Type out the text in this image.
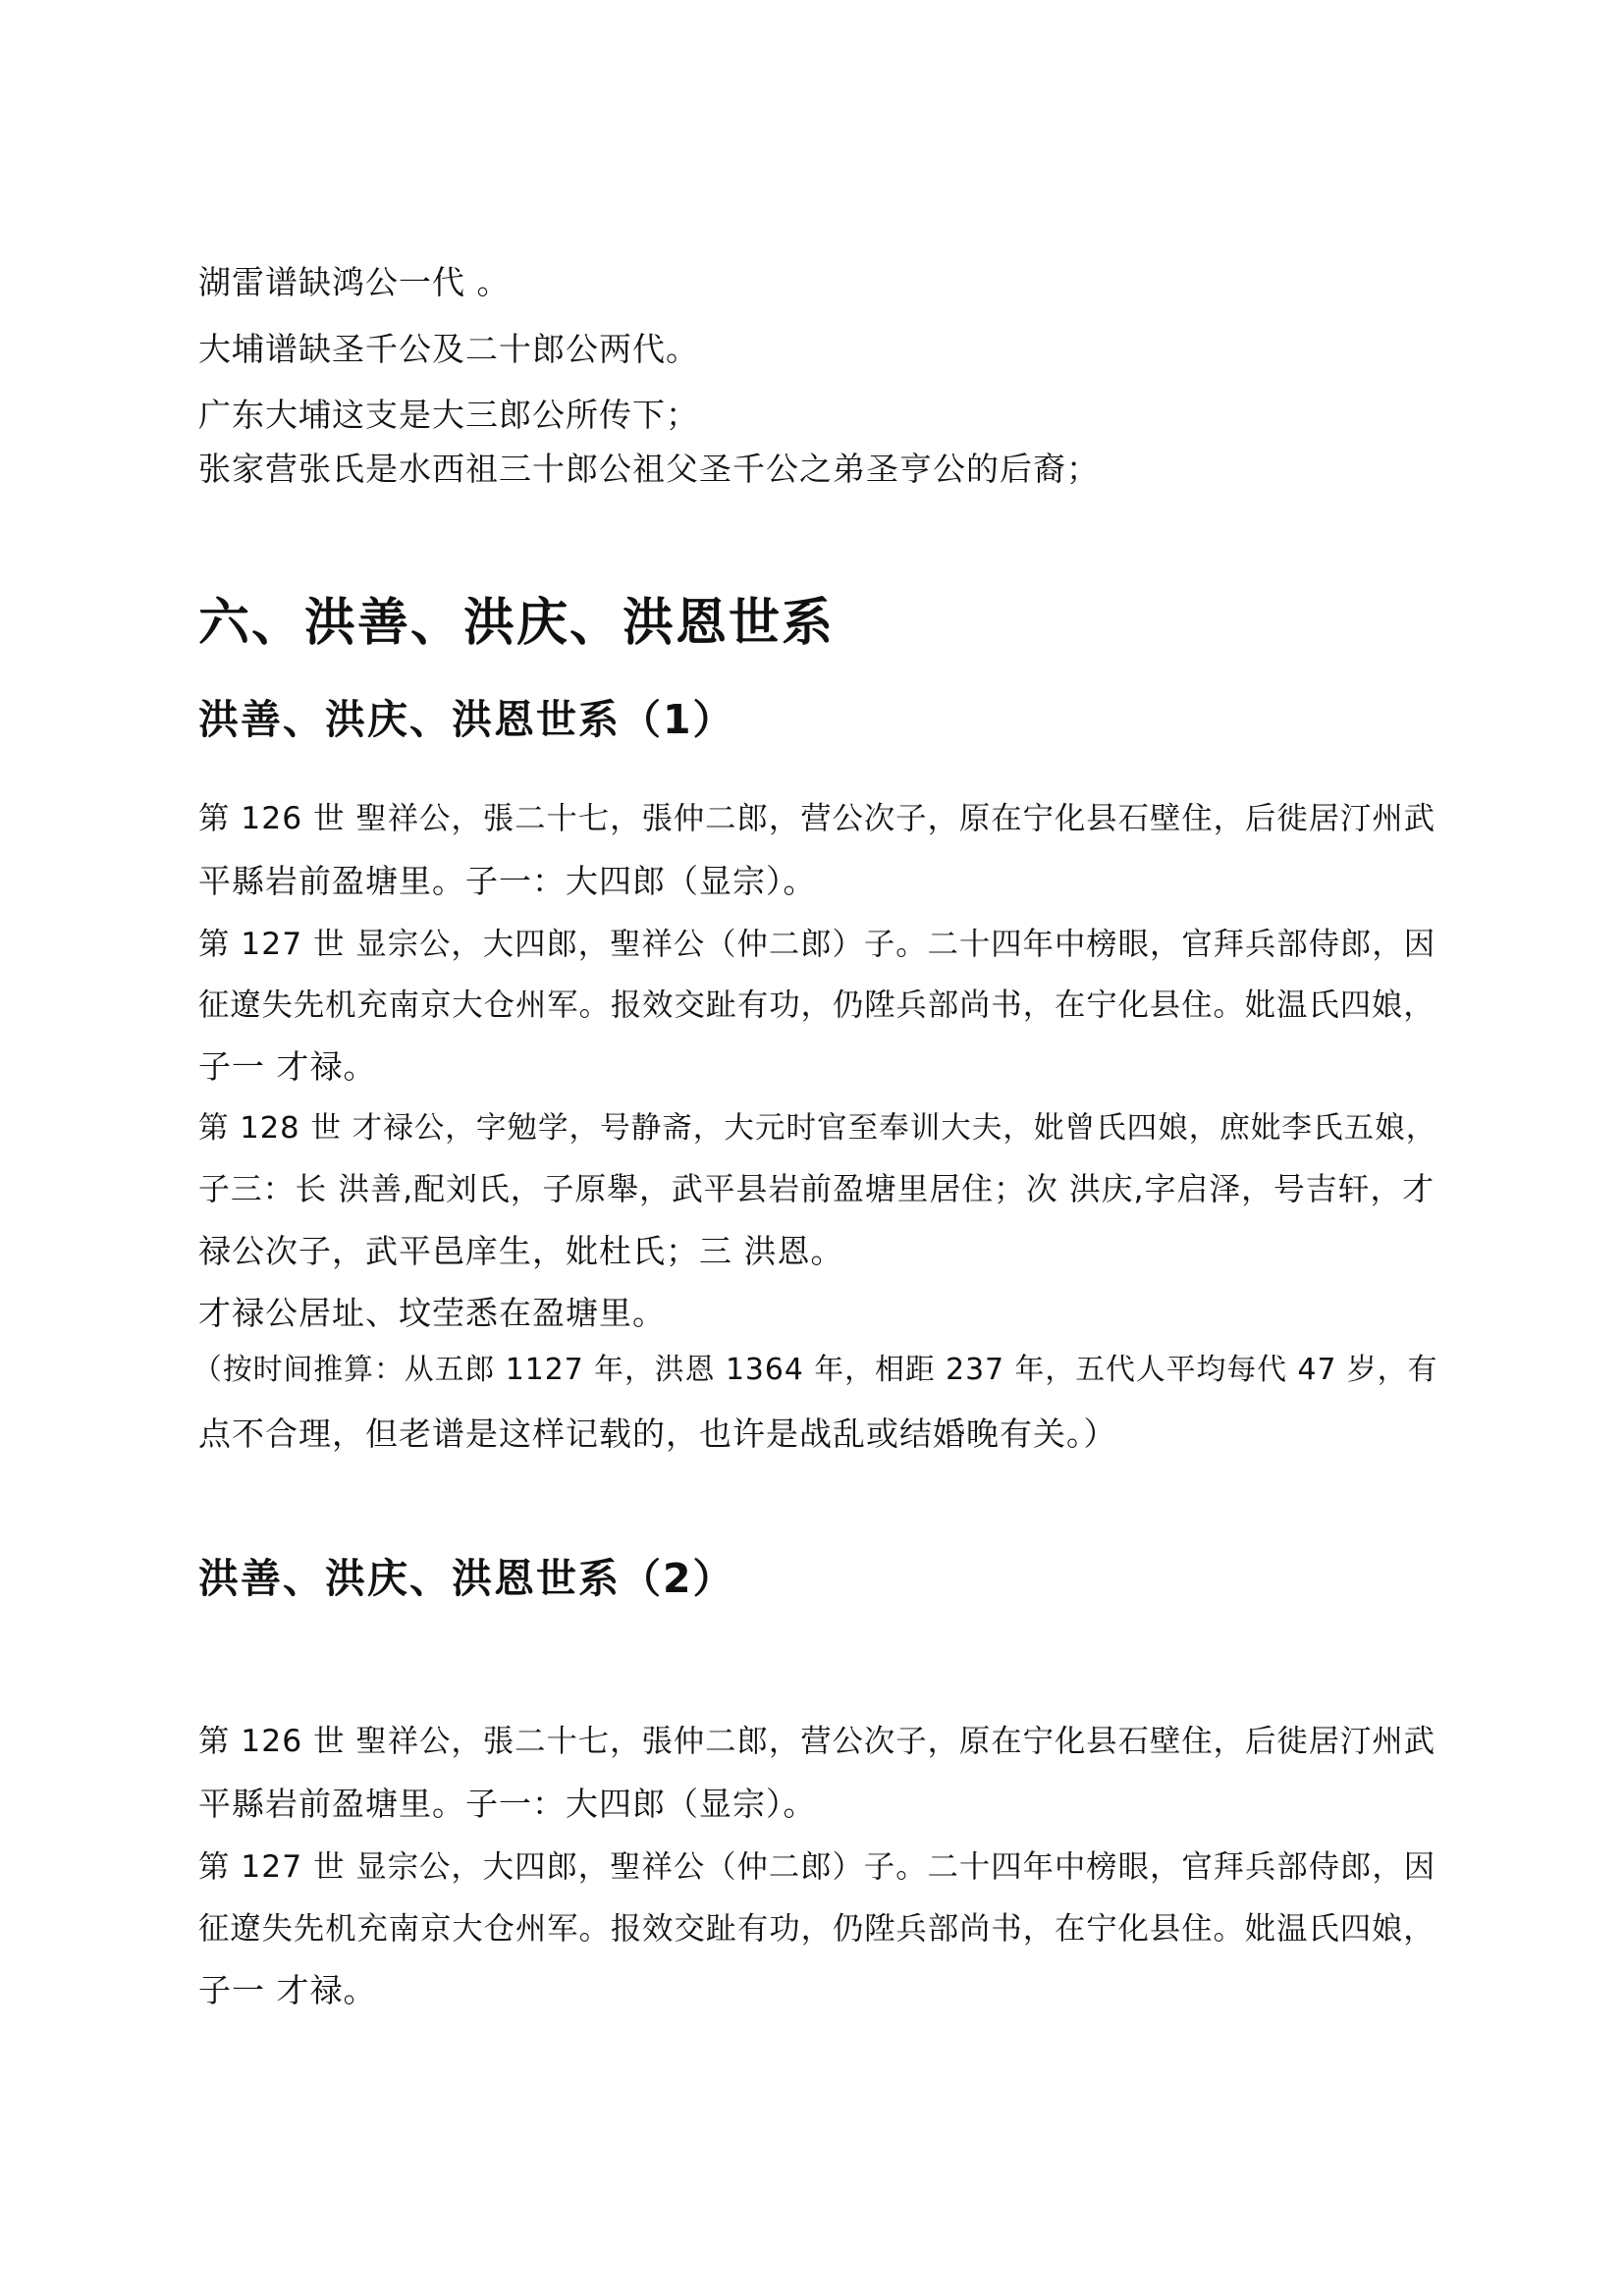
湖雷谱缺鸿公一代 。
大埔谱缺圣千公及二十郎公两代。
广东大埔这支是大三郎公所传下；
张家营张氏是水西祖三十郎公祖父圣千公之弟圣亨公的后裔；
六、洪善、洪庆、洪恩世系
洪善、洪庆、洪恩世系（1）
第 126 世 聖祥公，張二十七，張仲二郎，营公次子，原在宁化县石壁住，后徙居汀州武
平縣岩前盈塘里。子一：大四郎（显宗）。
第 127 世 显宗公，大四郎，聖祥公（仲二郎）子。二十四年中榜眼，官拜兵部侍郎，因
征遼失先机充南京大仓州军。报效交趾有功，仍陞兵部尚书，在宁化县住。妣温氏四娘，
子一 才禄。
第 128 世 才禄公，字勉学，号静斋，大元时官至奉训大夫，妣曾氏四娘，庶妣李氏五娘，
子三：长 洪善,配刘氏，子原舉，武平县岩前盈塘里居住；次 洪庆,字启泽，号吉轩，才
禄公次子，武平邑庠生，妣杜氏；三 洪恩。
才禄公居址、坟茔悉在盈塘里。
（按时间推算：从五郎 1127 年，洪恩 1364 年，相距 237 年，五代人平均每代 47 岁，有
点不合理，但老谱是这样记载的，也许是战乱或结婚晚有关。）
洪善、洪庆、洪恩世系（2）
第 126 世 聖祥公，張二十七，張仲二郎，营公次子，原在宁化县石壁住，后徙居汀州武
平縣岩前盈塘里。子一：大四郎（显宗）。
第 127 世 显宗公，大四郎，聖祥公（仲二郎）子。二十四年中榜眼，官拜兵部侍郎，因
征遼失先机充南京大仓州军。报效交趾有功，仍陞兵部尚书，在宁化县住。妣温氏四娘，
子一 才禄。
